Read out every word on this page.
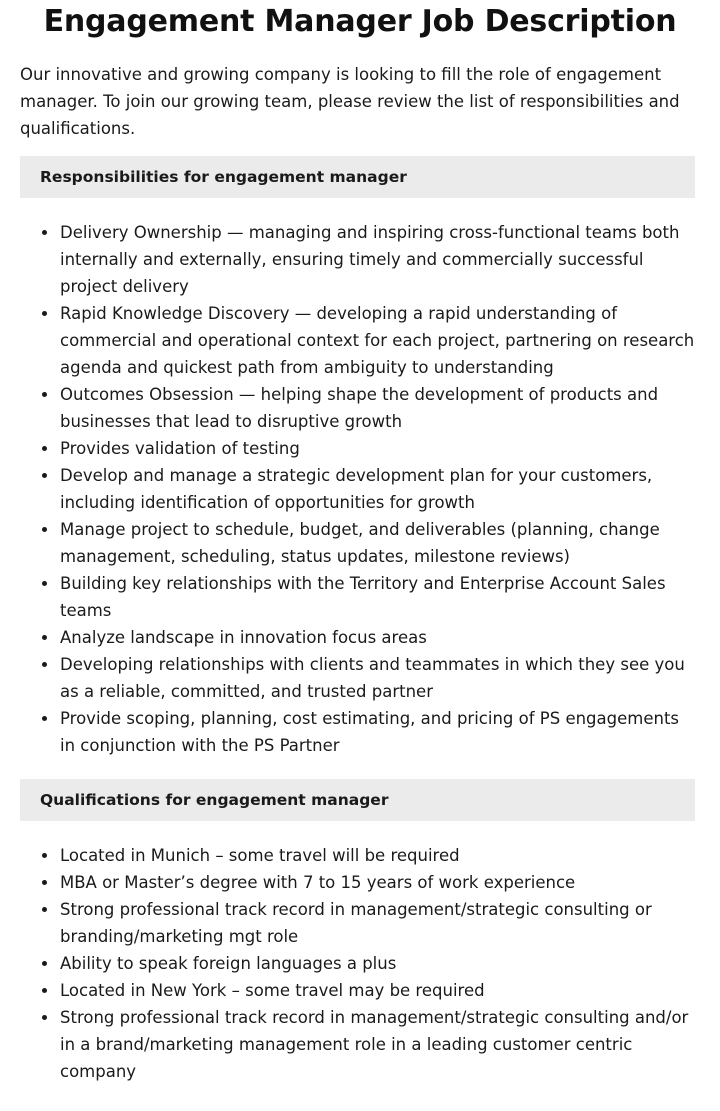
Engagement Manager Job Description

Our innovative and growing company is looking to fill the role of engagement manager. To join our growing team, please review the list of responsibilities and qualifications.

Responsibilities for engagement manager
Delivery Ownership — managing and inspiring cross-functional teams both internally and externally, ensuring timely and commercially successful project delivery
Rapid Knowledge Discovery — developing a rapid understanding of commercial and operational context for each project, partnering on research agenda and quickest path from ambiguity to understanding
Outcomes Obsession — helping shape the development of products and businesses that lead to disruptive growth
Provides validation of testing
Develop and manage a strategic development plan for your customers, including identification of opportunities for growth
Manage project to schedule, budget, and deliverables (planning, change management, scheduling, status updates, milestone reviews)
Building key relationships with the Territory and Enterprise Account Sales teams
Analyze landscape in innovation focus areas
Developing relationships with clients and teammates in which they see you as a reliable, committed, and trusted partner
Provide scoping, planning, cost estimating, and pricing of PS engagements in conjunction with the PS Partner
Qualifications for engagement manager
Located in Munich – some travel will be required
MBA or Master’s degree with 7 to 15 years of work experience
Strong professional track record in management/strategic consulting or branding/marketing mgt role
Ability to speak foreign languages a plus
Located in New York – some travel may be required
Strong professional track record in management/strategic consulting and/or in a brand/marketing management role in a leading customer centric company
